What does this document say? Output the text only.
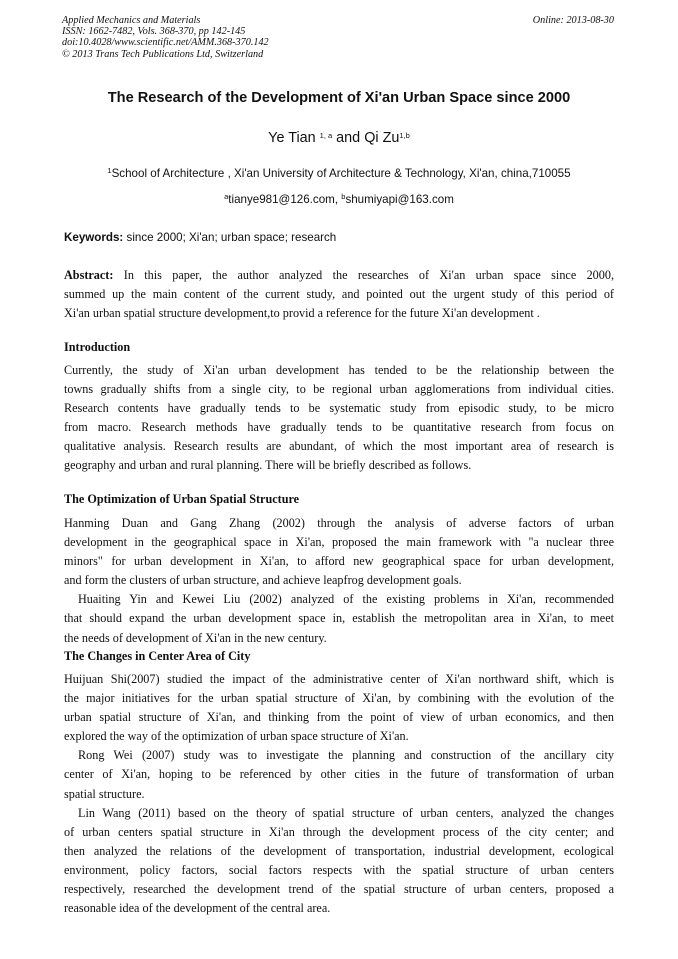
Applied Mechanics and Materials
ISSN: 1662-7482, Vols. 368-370, pp 142-145
doi:10.4028/www.scientific.net/AMM.368-370.142
© 2013 Trans Tech Publications Ltd, Switzerland
Online: 2013-08-30
The Research of the Development of Xi'an Urban Space since 2000
Ye Tian $^{1, a}$ and Qi Zu$^{1,b}$
$^1$School of Architecture , Xi'an University of Architecture & Technology, Xi'an, china,710055
$^a$tianye981@126.com, $^b$shumiyapi@163.com
Keywords: since 2000; Xi'an; urban space; research
Abstract: In this paper, the author analyzed the researches of Xi'an urban space since 2000,
summed up the main content of the current study, and pointed out the urgent study of this period of
Xi'an urban spatial structure development,to provid a reference for the future Xi'an development .
Introduction
Currently, the study of Xi'an urban development has tended to be the relationship between the
towns gradually shifts from a single city, to be regional urban agglomerations from individual cities.
Research contents have gradually tends to be systematic study from episodic study, to be micro
from macro. Research methods have gradually tends to be quantitative research from focus on
qualitative analysis. Research results are abundant, of which the most important area of research is
geography and urban and rural planning. There will be briefly described as follows.
The Optimization of Urban Spatial Structure
Hanming Duan and Gang Zhang (2002) through the analysis of adverse factors of urban
development in the geographical space in Xi'an, proposed the main framework with "a nuclear three
minors" for urban development in Xi'an, to afford new geographical space for urban development,
and form the clusters of urban structure, and achieve leapfrog development goals.
Huaiting Yin and Kewei Liu (2002) analyzed of the existing problems in Xi'an, recommended
that should expand the urban development space in, establish the metropolitan area in Xi'an, to meet
the needs of development of Xi'an in the new century.
The Changes in Center Area of City
Huijuan Shi(2007) studied the impact of the administrative center of Xi'an northward shift, which is
the major initiatives for the urban spatial structure of Xi'an, by combining with the evolution of the
urban spatial structure of Xi'an, and thinking from the point of view of urban economics, and then
explored the way of the optimization of urban space structure of Xi'an.
Rong Wei (2007) study was to investigate the planning and construction of the ancillary city
center of Xi'an, hoping to be referenced by other cities in the future of transformation of urban
spatial structure.
Lin Wang (2011) based on the theory of spatial structure of urban centers, analyzed the changes
of urban centers spatial structure in Xi'an through the development process of the city center; and
then analyzed the relations of the development of transportation, industrial development, ecological
environment, policy factors, social factors respects with the spatial structure of urban centers
respectively, researched the development trend of the spatial structure of urban centers, proposed a
reasonable idea of the development of the central area.
